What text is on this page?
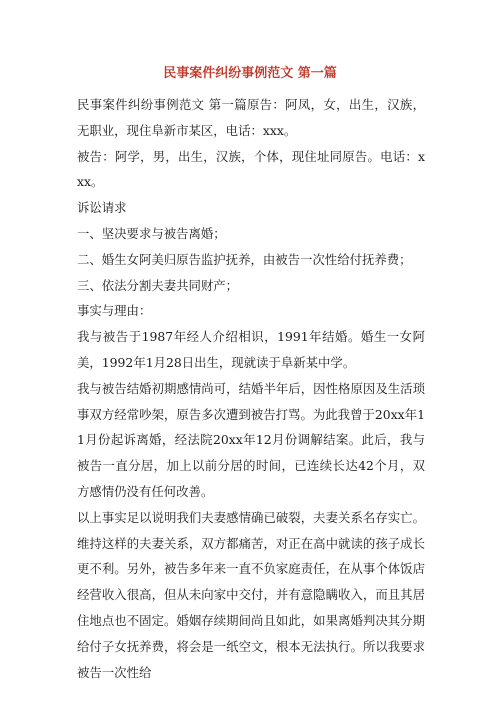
民事案件纠纷事例范文 第一篇

民事案件纠纷事例范文 第一篇原告：阿凤，女，出生，汉族，无职业，现住阜新市某区，电话：xxx。

被告：阿学，男，出生，汉族，个体，现住址同原告。电话：xxx。

诉讼请求

一、坚决要求与被告离婚；

二、婚生女阿美归原告监护抚养，由被告一次性给付抚养费；

三、依法分割夫妻共同财产；

事实与理由：

我与被告于1987年经人介绍相识，1991年结婚。婚生一女阿美，1992年1月28日出生，现就读于阜新某中学。

我与被告结婚初期感情尚可，结婚半年后，因性格原因及生活琐事双方经常吵架，原告多次遭到被告打骂。为此我曾于20xx年11月份起诉离婚，经法院20xx年12月份调解结案。此后，我与被告一直分居，加上以前分居的时间，已连续长达42个月，双方感情仍没有任何改善。

以上事实足以说明我们夫妻感情确已破裂，夫妻关系名存实亡。维持这样的夫妻关系，双方都痛苦，对正在高中就读的孩子成长更不利。另外，被告多年来一直不负家庭责任，在从事个体饭店经营收入很高，但从未向家中交付，并有意隐瞒收入，而且其居住地点也不固定。婚姻存续期间尚且如此，如果离婚判决其分期给付子女抚养费，将会是一纸空文，根本无法执行。所以我要求被告一次性给
